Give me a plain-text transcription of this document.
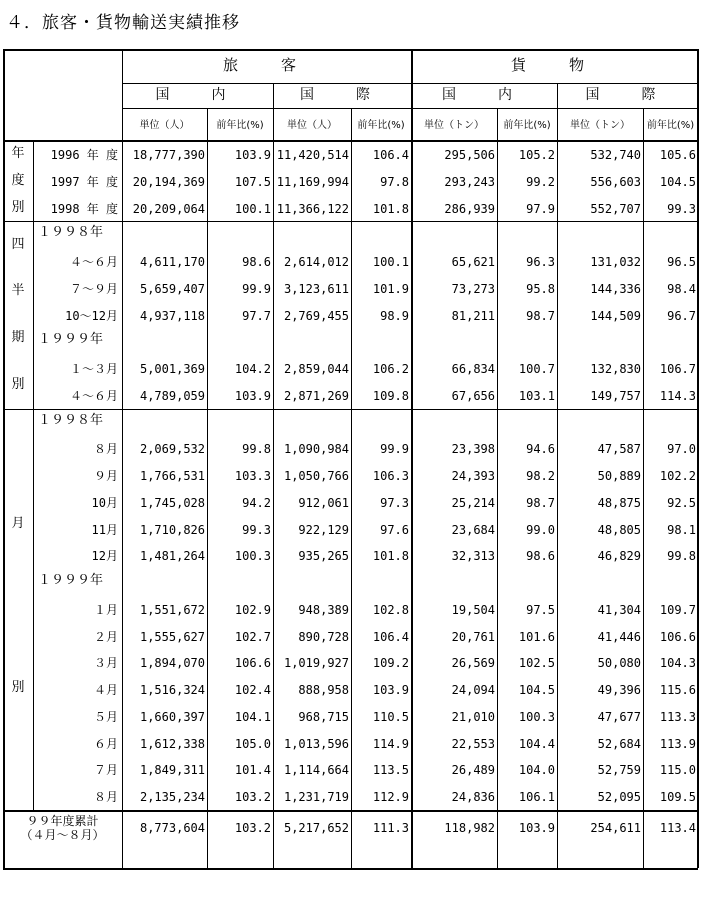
４．旅客・貨物輸送実績推移
旅　客	貨　物
国　内	国　際	国　内	国　際
単位（人）	前年比(%)	単位（人）	前年比(%)	単位（トン）	前年比(%)	単位（トン）	前年比(%)
年
度
別
四
半
期
別
月
別
1996 年 度	18,777,390	103.9 11,420,514	106.4	295,506	105.2	532,740	105.6
1997 年 度	20,194,369	107.5 11,169,994	97.8	293,243	99.2	556,603	104.5
1998 年 度	20,209,064	100.1 11,366,122	101.8	286,939	97.9	552,707	99.3
１９９８年
４～６月	4,611,170	98.6	2,614,012	100.1	65,621	96.3	131,032	96.5
７～９月	5,659,407	99.9	3,123,611	101.9	73,273	95.8	144,336	98.4
10～12月	4,937,118	97.7	2,769,455	98.9	81,211	98.7	144,509	96.7
１９９９年
１～３月	5,001,369	104.2	2,859,044	106.2	66,834	100.7	132,830	106.7
４～６月	4,789,059	103.9	2,871,269	109.8	67,656	103.1	149,757	114.3
１９９８年
８月	2,069,532	99.8	1,090,984	99.9	23,398	94.6	47,587	97.0
９月	1,766,531	103.3	1,050,766	106.3	24,393	98.2	50,889	102.2
10月	1,745,028	94.2	912,061	97.3	25,214	98.7	48,875	92.5
11月	1,710,826	99.3	922,129	97.6	23,684	99.0	48,805	98.1
12月	1,481,264	100.3	935,265	101.8	32,313	98.6	46,829	99.8
１９９９年
１月	1,551,672	102.9	948,389	102.8	19,504	97.5	41,304	109.7
２月	1,555,627	102.7	890,728	106.4	20,761	101.6	41,446	106.6
３月	1,894,070	106.6	1,019,927	109.2	26,569	102.5	50,080	104.3
４月	1,516,324	102.4	888,958	103.9	24,094	104.5	49,396	115.6
５月	1,660,397	104.1	968,715	110.5	21,010	100.3	47,677	113.3
６月	1,612,338	105.0	1,013,596	114.9	22,553	104.4	52,684	113.9
７月	1,849,311	101.4	1,114,664	113.5	26,489	104.0	52,759	115.0
８月	2,135,234	103.2	1,231,719	112.9	24,836	106.1	52,095	109.5
９９年度累計
（４月～８月）	8,773,604	103.2	5,217,652	111.3	118,982	103.9	254,611	113.4
